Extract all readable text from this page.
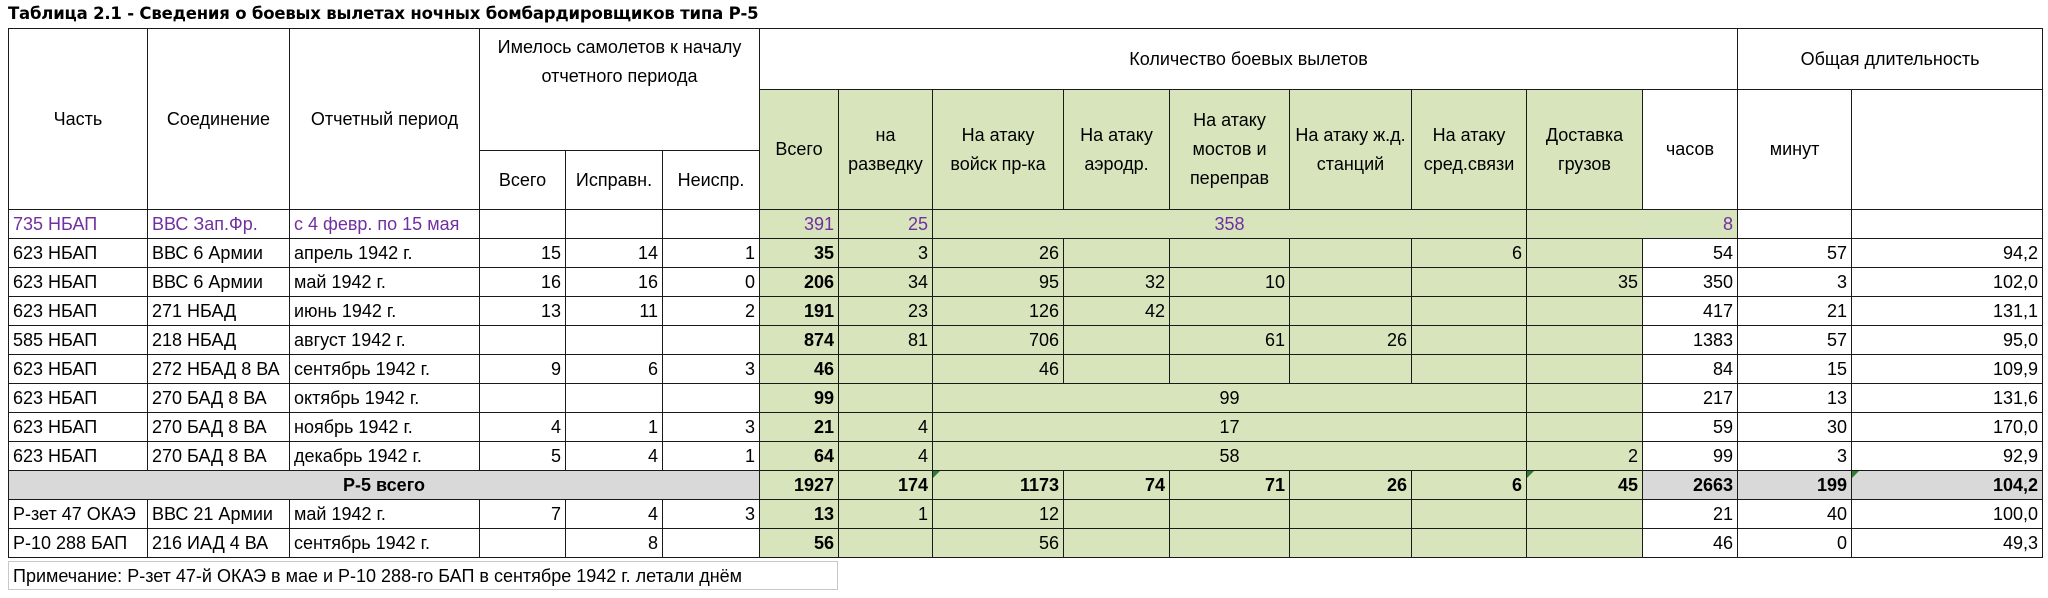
Таблица 2.1 - Сведения о боевых вылетах ночных бомбардировщиков типа Р-5
Часть	Соединение	Отчетный период	Имелось самолетов к началу отчетного периода			Количество боевых вылетов									Общая длительность	
						Всего	на разведку	На атаку войск пр-ка	На атаку аэродр.	На атаку мостов и переправ	На атаку ж.д. станций	На атаку сред.связи	Доставка грузов	часов	минут		
			Всего	Исправн.	Неиспр.												
735 НБАП	ВВС Зап.Фр.	с 4 февр. по 15 мая				391	25	358					8				
623 НБАП	ВВС 6 Армии	апрель 1942 г.	15	14	1	35	3	26				6		54	57	94,2	
623 НБАП	ВВС 6 Армии	май 1942 г.	16	16	0	206	34	95	32	10			35	350	3	102,0	
623 НБАП	271 НБАД	июнь 1942 г.	13	11	2	191	23	126	42					417	21	131,1	
585 НБАП	218 НБАД	август 1942 г.				874	81	706		61	26			1383	57	95,0	
623 НБАП	272 НБАД 8 ВА	сентябрь 1942 г.	9	6	3	46		46						84	15	109,9	
623 НБАП	270 БАД 8 ВА	октябрь 1942 г.				99		99						217	13	131,6	
623 НБАП	270 БАД 8 ВА	ноябрь 1942 г.	4	1	3	21	4	17						59	30	170,0	
623 НБАП	270 БАД 8 ВА	декабрь 1942 г.	5	4	1	64	4	58					2	99	3	92,9	
Р-5 всего						1927	174	1173	74	71	26	6	45	2663	199	104,2	
Р-зет 47 ОКАЭ	ВВС 21 Армии	май 1942 г.	7	4	3	13	1	12						21	40	100,0	
Р-10 288 БАП	216 ИАД 4 ВА	сентябрь 1942 г.		8		56		56						46	0	49,3	
Примечание: Р-зет 47-й ОКАЭ в мае и Р-10 288-го БАП в сентябре 1942 г. летали днём
